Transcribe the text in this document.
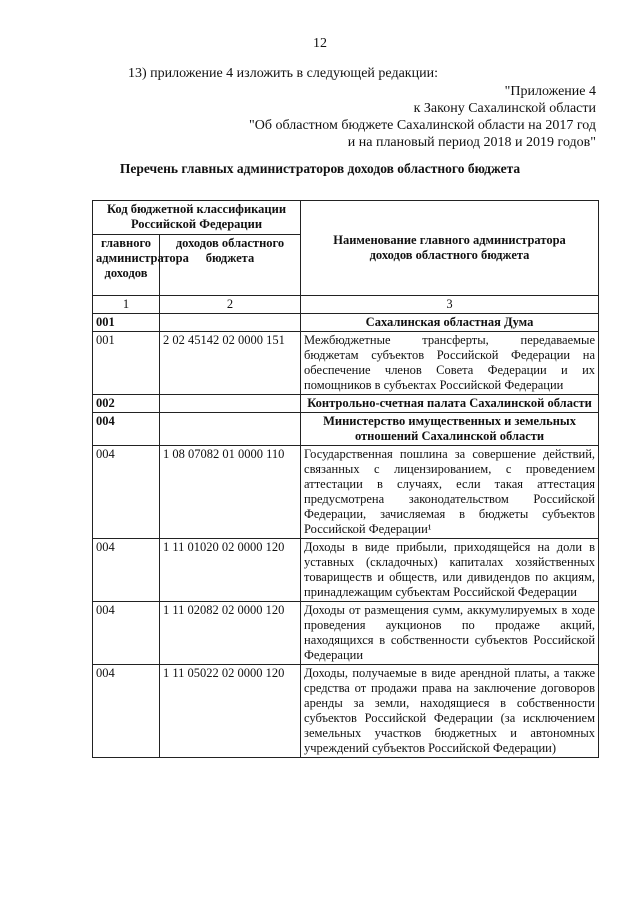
12
13) приложение 4 изложить в следующей редакции:
"Приложение 4
к Закону Сахалинской области
"Об областном бюджете Сахалинской области на 2017 год
и на плановый период 2018 и 2019 годов"
Перечень главных администраторов доходов областного бюджета
Код бюджетной классификации Российской Федерации		Наименование главного администратора доходов областного бюджета
главного администратора доходов	доходов областного бюджета	
1	2	3
001		Сахалинская областная Дума
001	2 02 45142 02 0000 151	Межбюджетные трансферты, передаваемые бюджетам субъектов Российской Федерации на обеспечение членов Совета Федерации и их помощников в субъектах Российской Федерации
002		Контрольно-счетная палата Сахалинской области
004		Министерство имущественных и земельных отношений Сахалинской области
004	1 08 07082 01 0000 110	Государственная пошлина за совершение действий, связанных с лицензированием, с проведением аттестации в случаях, если такая аттестация предусмотрена законодательством Российской Федерации, зачисляемая в бюджеты субъектов Российской Федерации¹
004	1 11 01020 02 0000 120	Доходы в виде прибыли, приходящейся на доли в уставных (складочных) капиталах хозяйственных товариществ и обществ, или дивидендов по акциям, принадлежащим субъектам Российской Федерации
004	1 11 02082 02 0000 120	Доходы от размещения сумм, аккумулируемых в ходе проведения аукционов по продаже акций, находящихся в собственности субъектов Российской Федерации
004	1 11 05022 02 0000 120	Доходы, получаемые в виде арендной платы, а также средства от продажи права на заключение договоров аренды за земли, находящиеся в собственности субъектов Российской Федерации (за исключением земельных участков бюджетных и автономных учреждений субъектов Российской Федерации)
